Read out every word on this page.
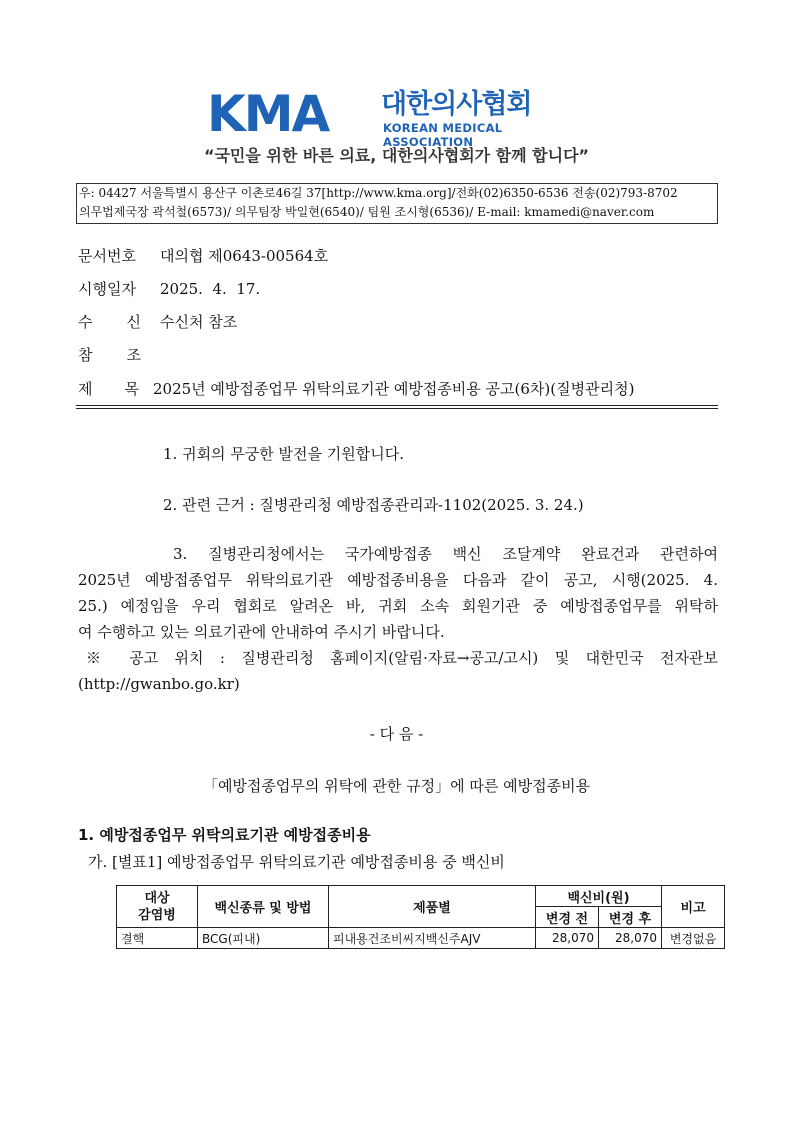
KMA 대한의사협회
KOREAN MEDICAL ASSOCIATION
“국민을 위한 바른 의료, 대한의사협회가 함께 합니다”
우: 04427 서울특별시 용산구 이촌로46길 37[http://www.kma.org]/전화(02)6350-6536 전송(02)793-8702
의무법제국장 곽석철(6573)/ 의무팀장 박일현(6540)/ 팀원 조시형(6536)/ E-mail: kmamedi@naver.com
문서번호 대의협 제0643-00564호
시행일자 2025.  4.  17.
수신수신처 참조
참조
제목2025년 예방접종업무 위탁의료기관 예방접종비용 공고(6차)(질병관리청)
1. 귀회의 무궁한 발전을 기원합니다.
2. 관련 근거 : 질병관리청 예방접종관리과-1102(2025. 3. 24.)
3. 질병관리청에서는 국가예방접종 백신 조달계약 완료건과 관련하여
2025년 예방접종업무 위탁의료기관 예방접종비용을 다음과 같이 공고, 시행(2025. 4.
25.) 예정임을 우리 협회로 알려온 바, 귀회 소속 회원기관 중 예방접종업무를 위탁하
여 수행하고 있는 의료기관에 안내하여 주시기 바랍니다.
※ 공고 위치 : 질병관리청 홈페이지(알림·자료→공고/고시) 및 대한민국 전자관보
(http://gwanbo.go.kr)
- 다 음 -
「예방접종업무의 위탁에 관한 규정」에 따른 예방접종비용
1. 예방접종업무 위탁의료기관 예방접종비용
가. [별표1] 예방접종업무 위탁의료기관 예방접종비용 중 백신비
대상
감염병	백신종류 및 방법	제품별	백신비(원)		비고
			변경 전	변경 후	
결핵	BCG(피내)	피내용건조비씨지백신주AJV	28,070	28,070	변경없음
